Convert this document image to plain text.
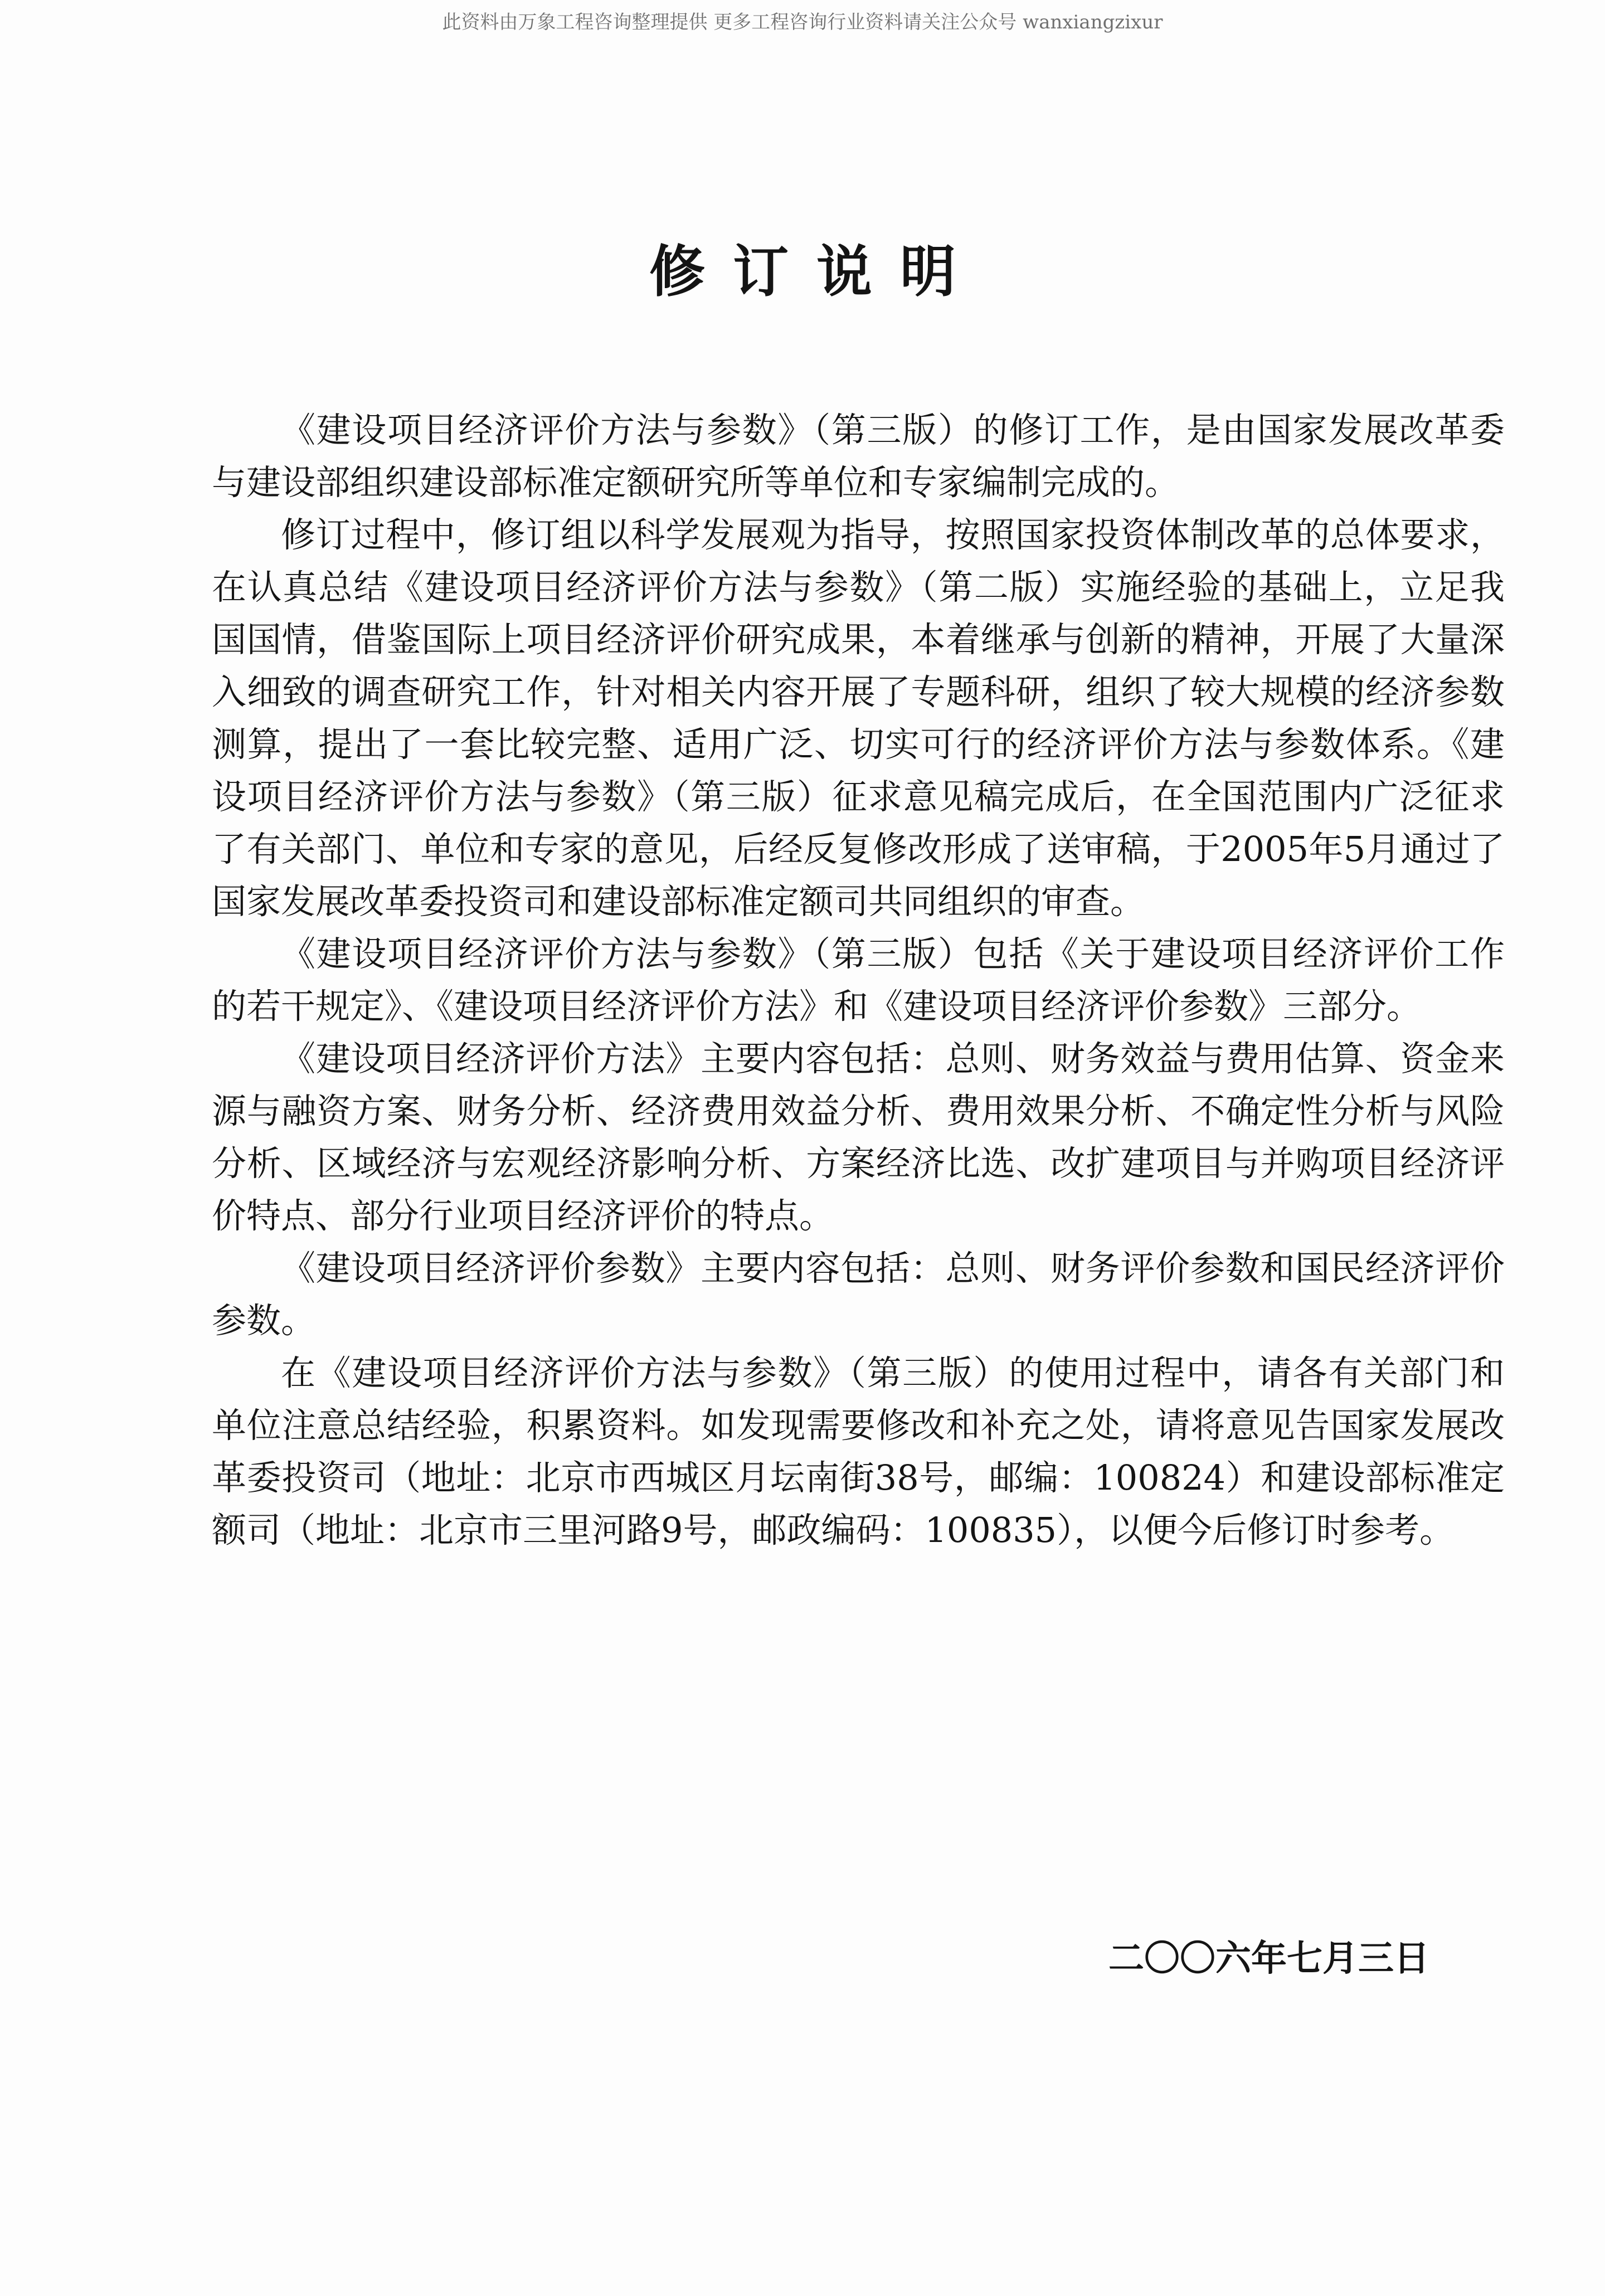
此资料由万象工程咨询整理提供 更多工程咨询行业资料请关注公众号 wanxiangzixur
修订说明

《建设项目经济评价方法与参数》（第三版）的修订工作，是由国家发展改革委与建设部组织建设部标准定额研究所等单位和专家编制完成的。

修订过程中，修订组以科学发展观为指导，按照国家投资体制改革的总体要求，在认真总结《建设项目经济评价方法与参数》（第二版）实施经验的基础上，立足我国国情，借鉴国际上项目经济评价研究成果，本着继承与创新的精神，开展了大量深入细致的调查研究工作，针对相关内容开展了专题科研，组织了较大规模的经济参数测算，提出了一套比较完整、适用广泛、切实可行的经济评价方法与参数体系。《建设项目经济评价方法与参数》（第三版）征求意见稿完成后，在全国范围内广泛征求了有关部门、单位和专家的意见，后经反复修改形成了送审稿，于2005年5月通过了国家发展改革委投资司和建设部标准定额司共同组织的审查。

《建设项目经济评价方法与参数》（第三版）包括《关于建设项目经济评价工作的若干规定》、《建设项目经济评价方法》和《建设项目经济评价参数》三部分。

《建设项目经济评价方法》主要内容包括：总则、财务效益与费用估算、资金来源与融资方案、财务分析、经济费用效益分析、费用效果分析、不确定性分析与风险分析、区域经济与宏观经济影响分析、方案经济比选、改扩建项目与并购项目经济评价特点、部分行业项目经济评价的特点。

《建设项目经济评价参数》主要内容包括：总则、财务评价参数和国民经济评价参数。

在《建设项目经济评价方法与参数》（第三版）的使用过程中，请各有关部门和单位注意总结经验，积累资料。如发现需要修改和补充之处，请将意见告国家发展改革委投资司（地址：北京市西城区月坛南街38号，邮编：100824）和建设部标准定额司（地址：北京市三里河路9号，邮政编码：100835），以便今后修订时参考。

二〇〇六年七月三日
